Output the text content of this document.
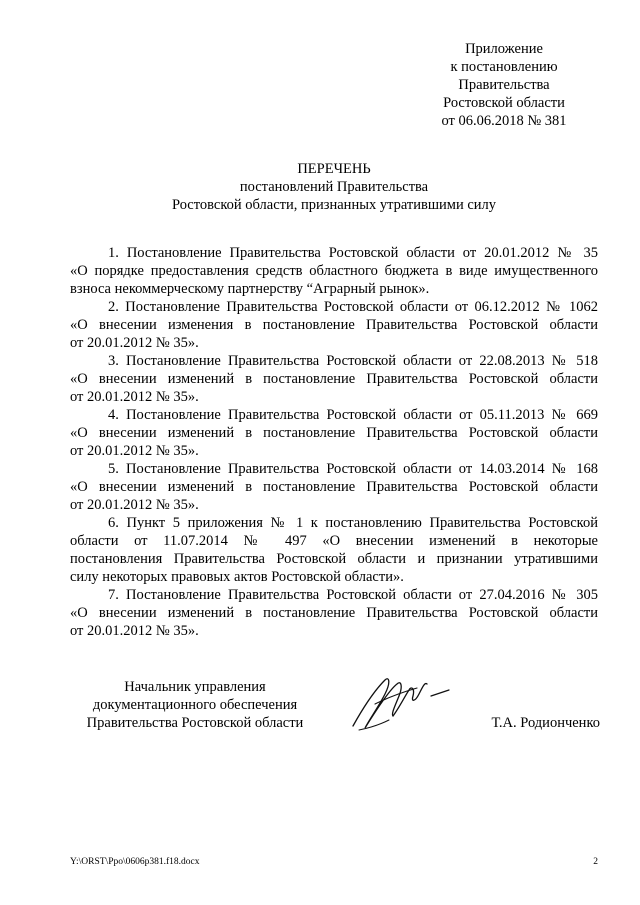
Приложение
к постановлению
Правительства
Ростовской области
от 06.06.2018 № 381
ПЕРЕЧЕНЬ
постановлений Правительства
Ростовской области, признанных утратившими силу
1. Постановление Правительства Ростовской области от 20.01.2012 № 35
«О порядке предоставления средств областного бюджета в виде имущественного
взноса некоммерческому партнерству “Аграрный рынок».
2. Постановление Правительства Ростовской области от 06.12.2012 № 1062
«О внесении изменения в постановление Правительства Ростовской области
от 20.01.2012 № 35».
3. Постановление Правительства Ростовской области от 22.08.2013 № 518
«О внесении изменений в постановление Правительства Ростовской области
от 20.01.2012 № 35».
4. Постановление Правительства Ростовской области от 05.11.2013 № 669
«О внесении изменений в постановление Правительства Ростовской области
от 20.01.2012 № 35».
5. Постановление Правительства Ростовской области от 14.03.2014 № 168
«О внесении изменений в постановление Правительства Ростовской области
от 20.01.2012 № 35».
6. Пункт 5 приложения № 1 к постановлению Правительства Ростовской
области от 11.07.2014 № 497 «О внесении изменений в некоторые
постановления Правительства Ростовской области и признании утратившими
силу некоторых правовых актов Ростовской области».
7. Постановление Правительства Ростовской области от 27.04.2016 № 305
«О внесении изменений в постановление Правительства Ростовской области
от 20.01.2012 № 35».
Начальник управления
документационного обеспечения
Правительства Ростовской области	Т.А. Родионченко
Y:\ORST\Ppo\0606p381.f18.docx	2
